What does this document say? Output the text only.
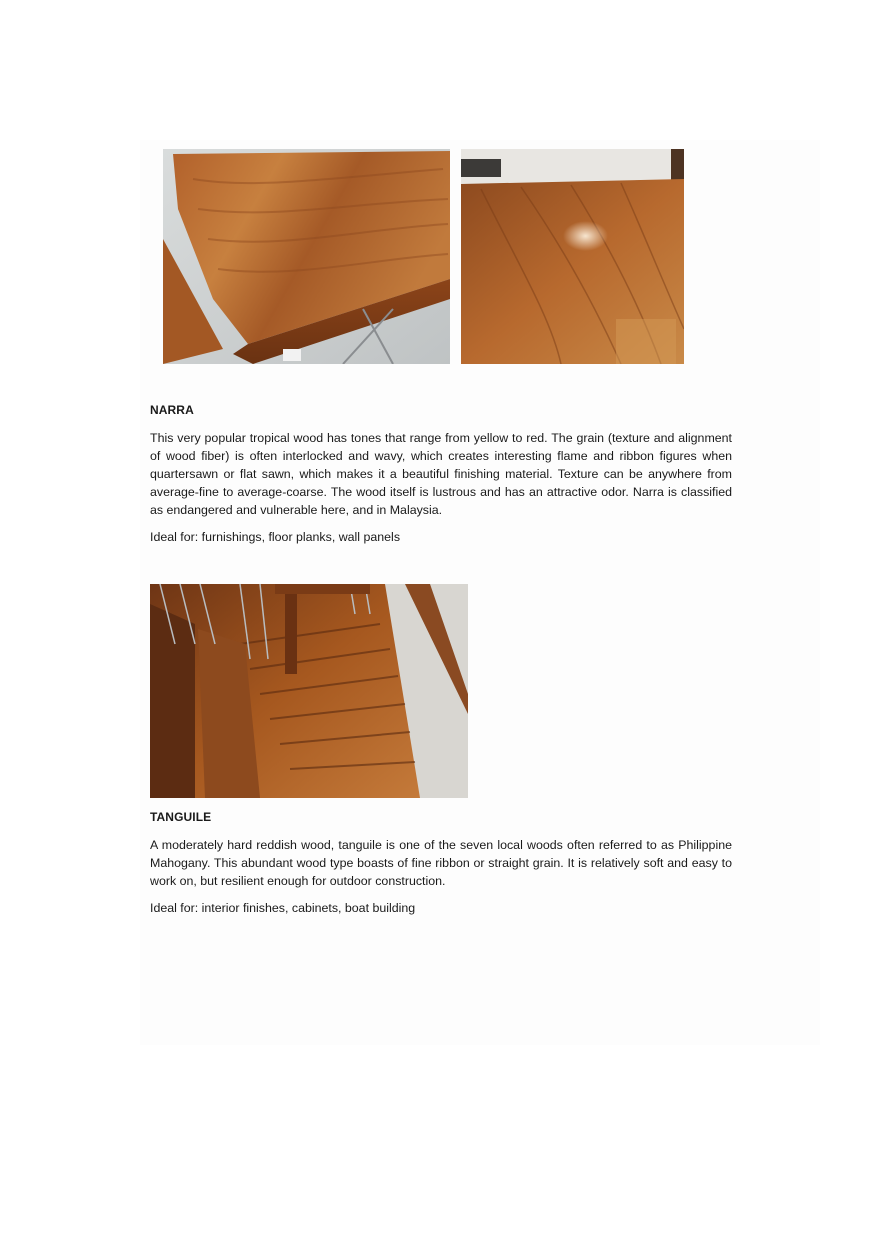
NARRA

This very popular tropical wood has tones that range from yellow to red. The grain (texture and alignment of wood fiber) is often interlocked and wavy, which creates interesting flame and ribbon figures when quartersawn or flat sawn, which makes it a beautiful finishing material. Texture can be anywhere from average-fine to average-coarse. The wood itself is lustrous and has an attractive odor. Narra is classified as endangered and vulnerable here, and in Malaysia.

Ideal for: furnishings, floor planks, wall panels

TANGUILE

A moderately hard reddish wood, tanguile is one of the seven local woods often referred to as Philippine Mahogany. This abundant wood type boasts of fine ribbon or straight grain. It is relatively soft and easy to work on, but resilient enough for outdoor construction.

Ideal for: interior finishes, cabinets, boat building
